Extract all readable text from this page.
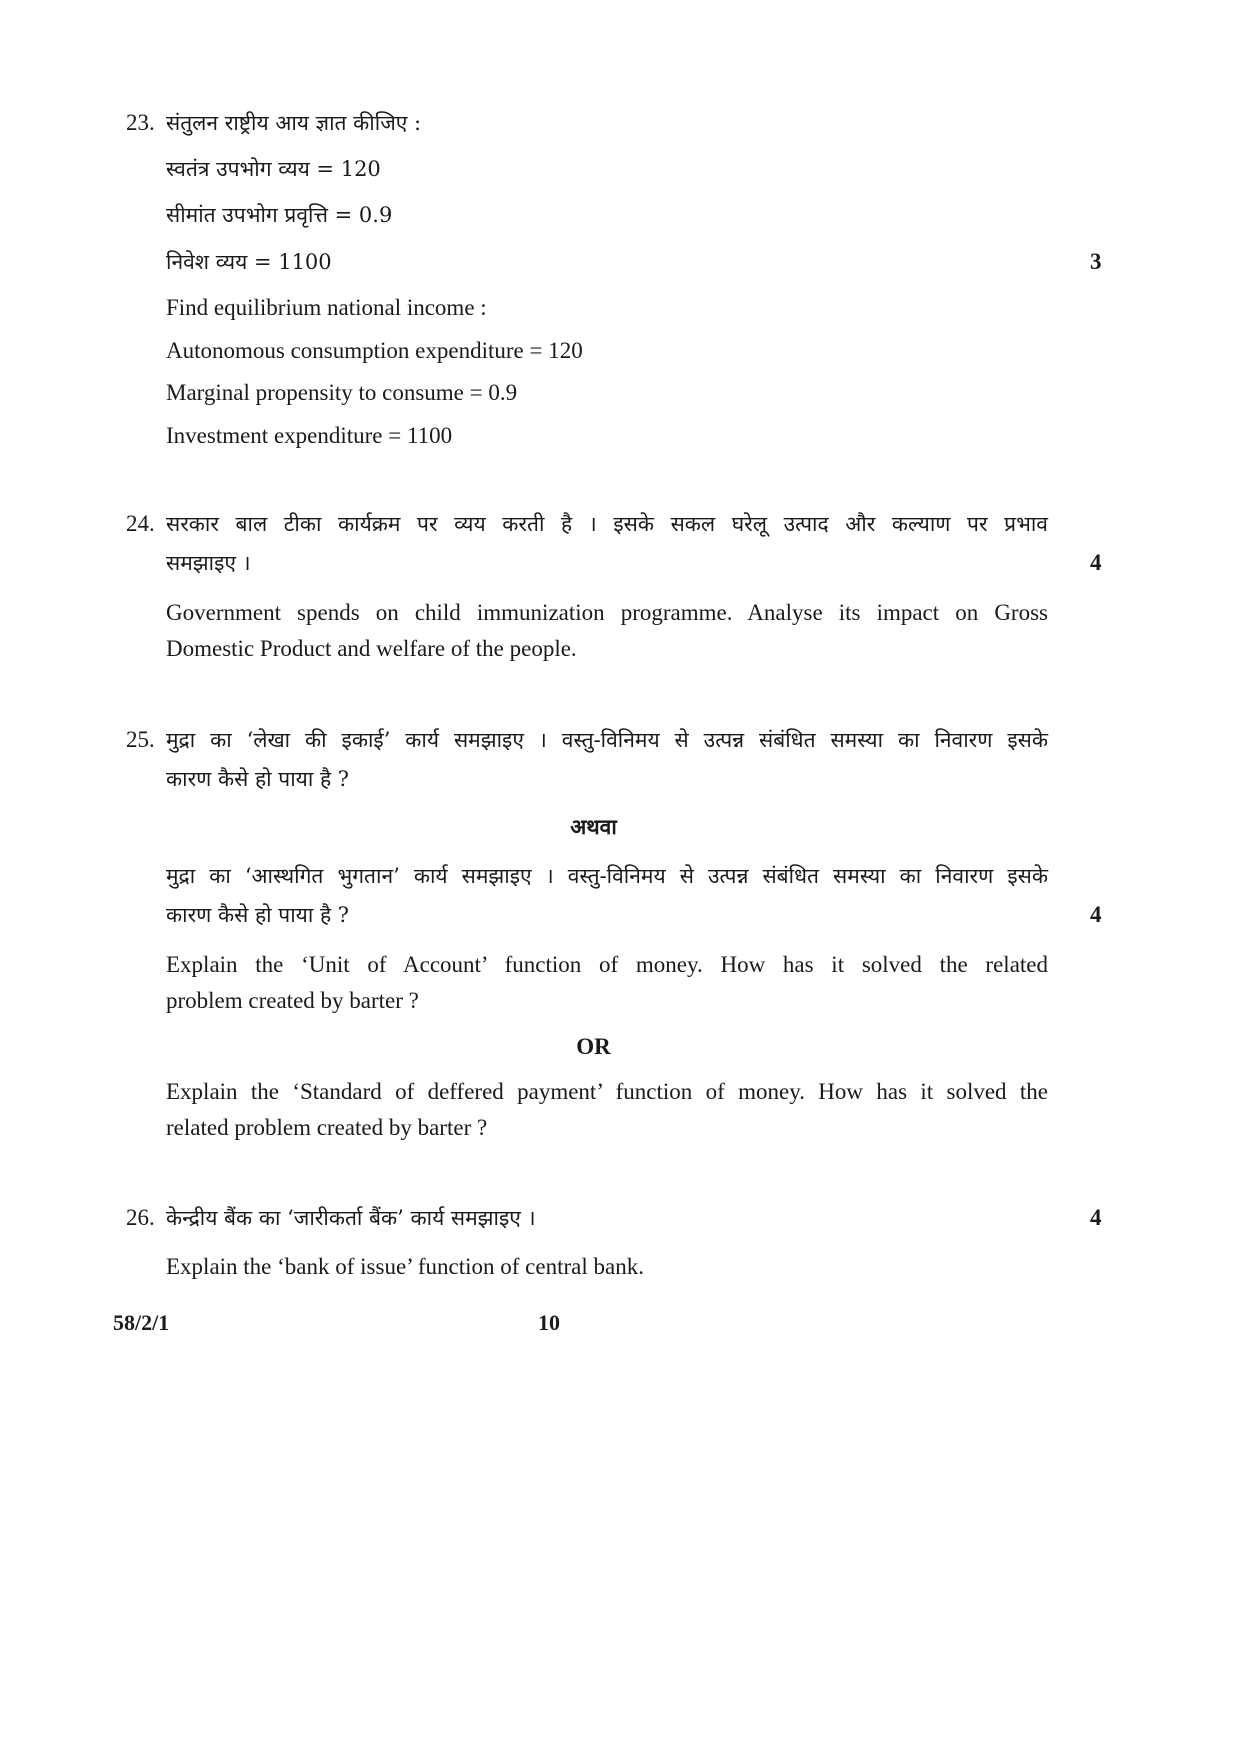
23. संतुलन राष्ट्रीय आय ज्ञात कीजिए :
स्वतंत्र उपभोग व्यय = 120
सीमांत उपभोग प्रवृत्ति = 0.9
निवेश व्यय = 1100	3
Find equilibrium national income :
Autonomous consumption expenditure = 120
Marginal propensity to consume = 0.9
Investment expenditure = 1100
24. सरकार बाल टीका कार्यक्रम पर व्यय करती है । इसके सकल घरेलू उत्पाद और कल्याण पर प्रभाव
समझाइए ।	4
Government spends on child immunization programme. Analyse its impact on Gross
Domestic Product and welfare of the people.
25. मुद्रा का ‘लेखा की इकाई’ कार्य समझाइए । वस्तु-विनिमय से उत्पन्न संबंधित समस्या का निवारण इसके
कारण कैसे हो पाया है ?
अथवा
मुद्रा का ‘आस्थगित भुगतान’ कार्य समझाइए । वस्तु-विनिमय से उत्पन्न संबंधित समस्या का निवारण इसके
कारण कैसे हो पाया है ?	4
Explain the ‘Unit of Account’ function of money. How has it solved the related
problem created by barter ?
OR
Explain the ‘Standard of deffered payment’ function of money. How has it solved the
related problem created by barter ?
26. केन्द्रीय बैंक का ‘जारीकर्ता बैंक’ कार्य समझाइए ।	4
Explain the ‘bank of issue’ function of central bank.
58/2/1	10
